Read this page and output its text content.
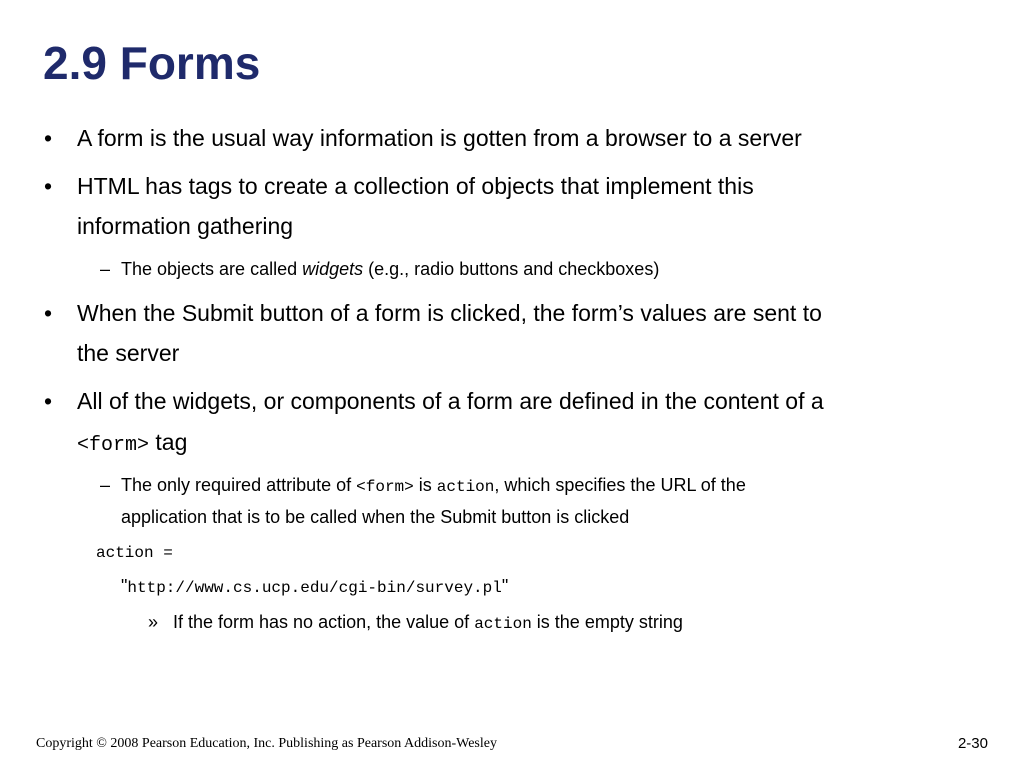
2.9 Forms
• A form is the usual way information is gotten from a browser to a server
• HTML has tags to create a collection of objects that implement this
information gathering
– The objects are called widgets (e.g., radio buttons and checkboxes)
• When the Submit button of a form is clicked, the form’s values are sent to
the server
• All of the widgets, or components of a form are defined in the content of a
<form> tag
– The only required attribute of <form> is action, which specifies the URL of the
application that is to be called when the Submit button is clicked
action =
"http://www.cs.ucp.edu/cgi-bin/survey.pl"
» If the form has no action, the value of action is the empty string
Copyright © 2008 Pearson Education, Inc. Publishing as Pearson Addison-Wesley	2-30
